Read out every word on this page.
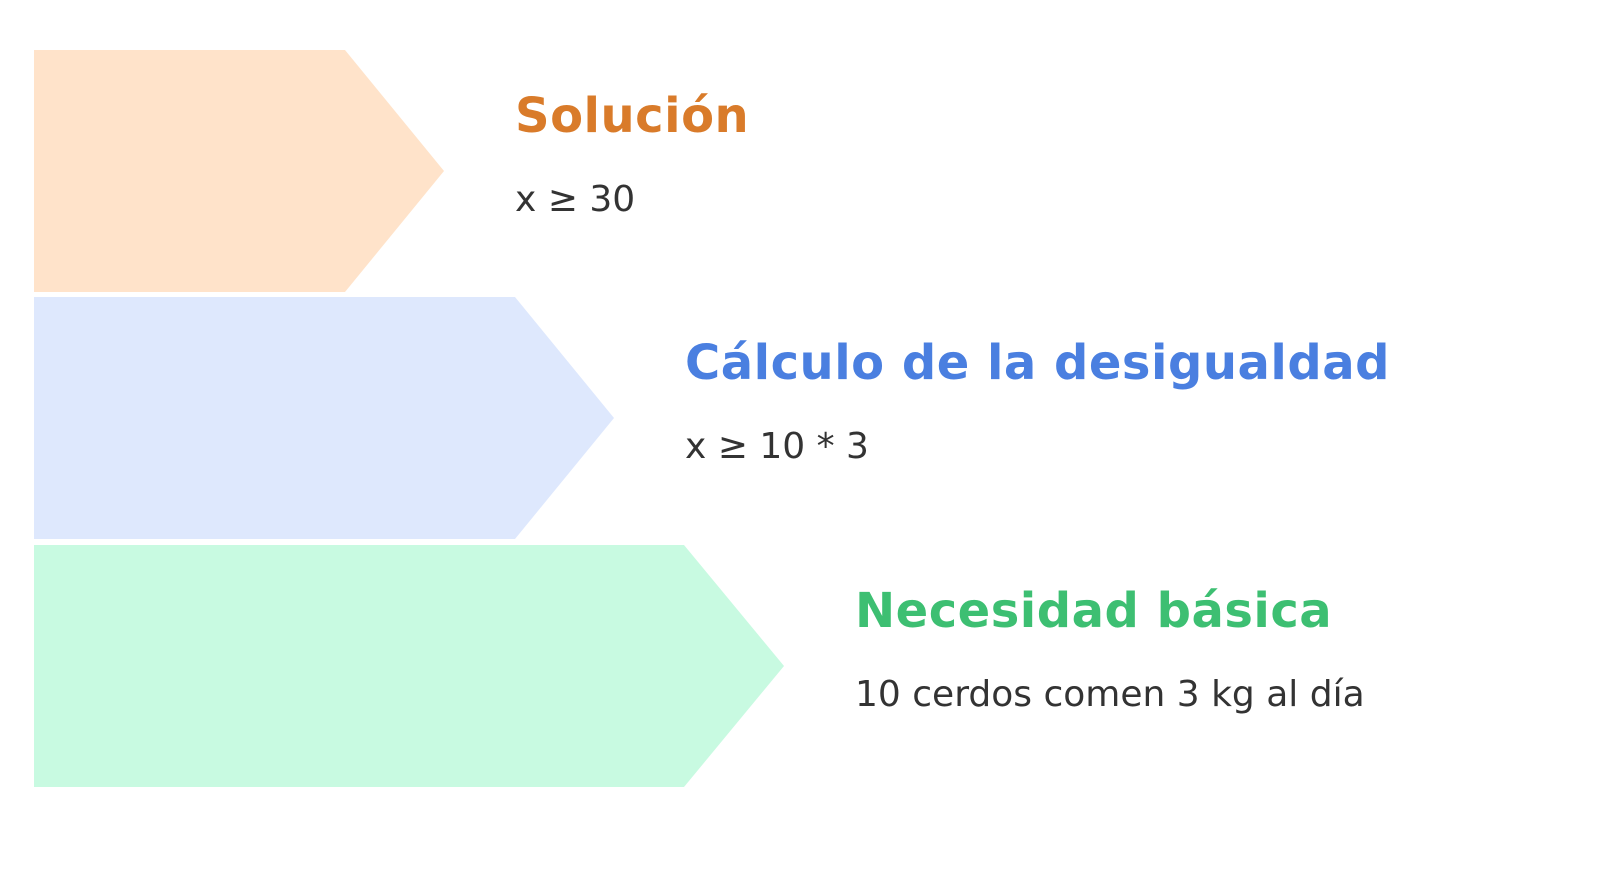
Solución
x ≥ 30
Cálculo de la desigualdad
x ≥ 10 * 3
Necesidad básica
10 cerdos comen 3 kg al día
